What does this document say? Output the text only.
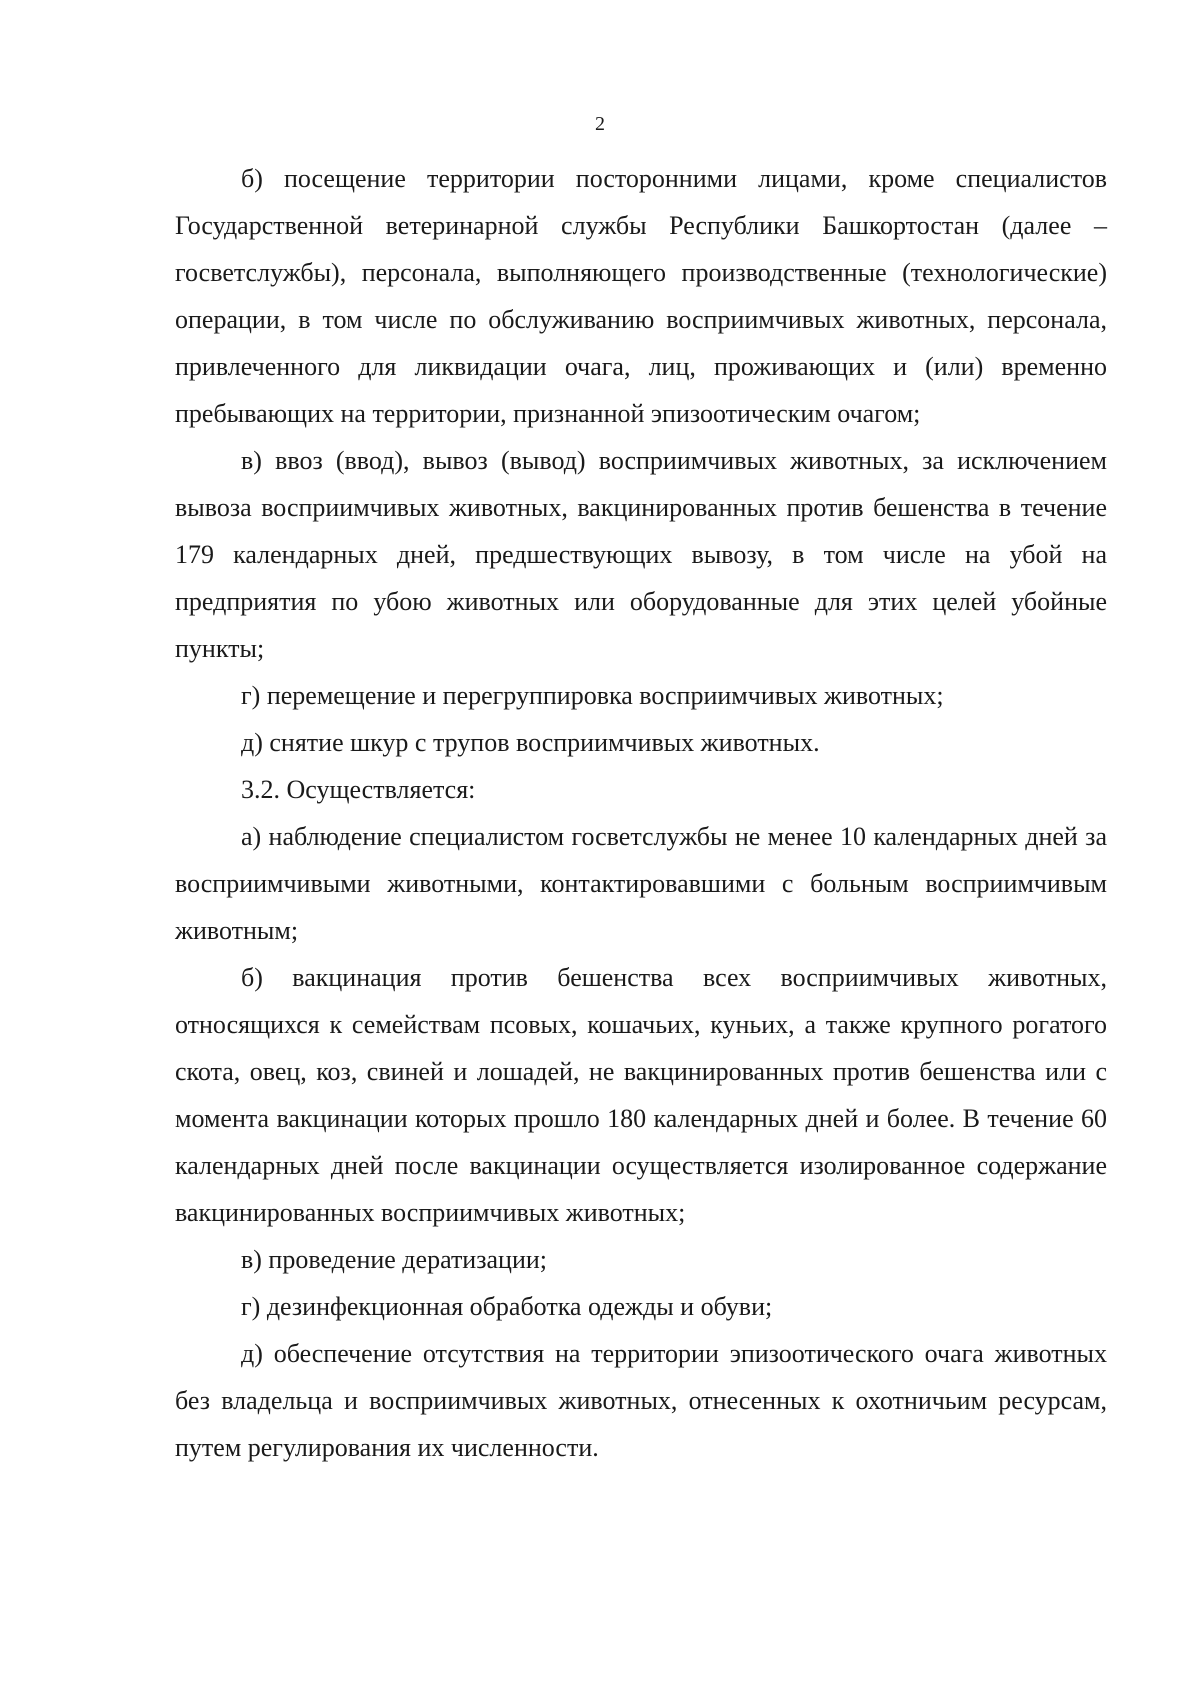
2

б) посещение территории посторонними лицами, кроме специалистов Государственной ветеринарной службы Республики Башкортостан (далее – госветслужбы), персонала, выполняющего производственные (технологические) операции, в том числе по обслуживанию восприимчивых животных, персонала, привлеченного для ликвидации очага, лиц, проживающих и (или) временно пребывающих на территории, признанной эпизоотическим очагом;

в) ввоз (ввод), вывоз (вывод) восприимчивых животных, за исключением вывоза восприимчивых животных, вакцинированных против бешенства в течение 179 календарных дней, предшествующих вывозу, в том числе на убой на предприятия по убою животных или оборудованные для этих целей убойные пункты;

г) перемещение и перегруппировка восприимчивых животных;

д) снятие шкур с трупов восприимчивых животных.

3.2. Осуществляется:

а) наблюдение специалистом госветслужбы не менее 10 календарных дней за восприимчивыми животными, контактировавшими с больным восприимчивым животным;

б) вакцинация против бешенства всех восприимчивых животных, относящихся к семействам псовых, кошачьих, куньих, а также крупного рогатого скота, овец, коз, свиней и лошадей, не вакцинированных против бешенства или с момента вакцинации которых прошло 180 календарных дней и более. В течение 60 календарных дней после вакцинации осуществляется изолированное содержание вакцинированных восприимчивых животных;

в) проведение дератизации;

г) дезинфекционная обработка одежды и обуви;

д) обеспечение отсутствия на территории эпизоотического очага животных без владельца и восприимчивых животных, отнесенных к охотничьим ресурсам, путем регулирования их численности.
